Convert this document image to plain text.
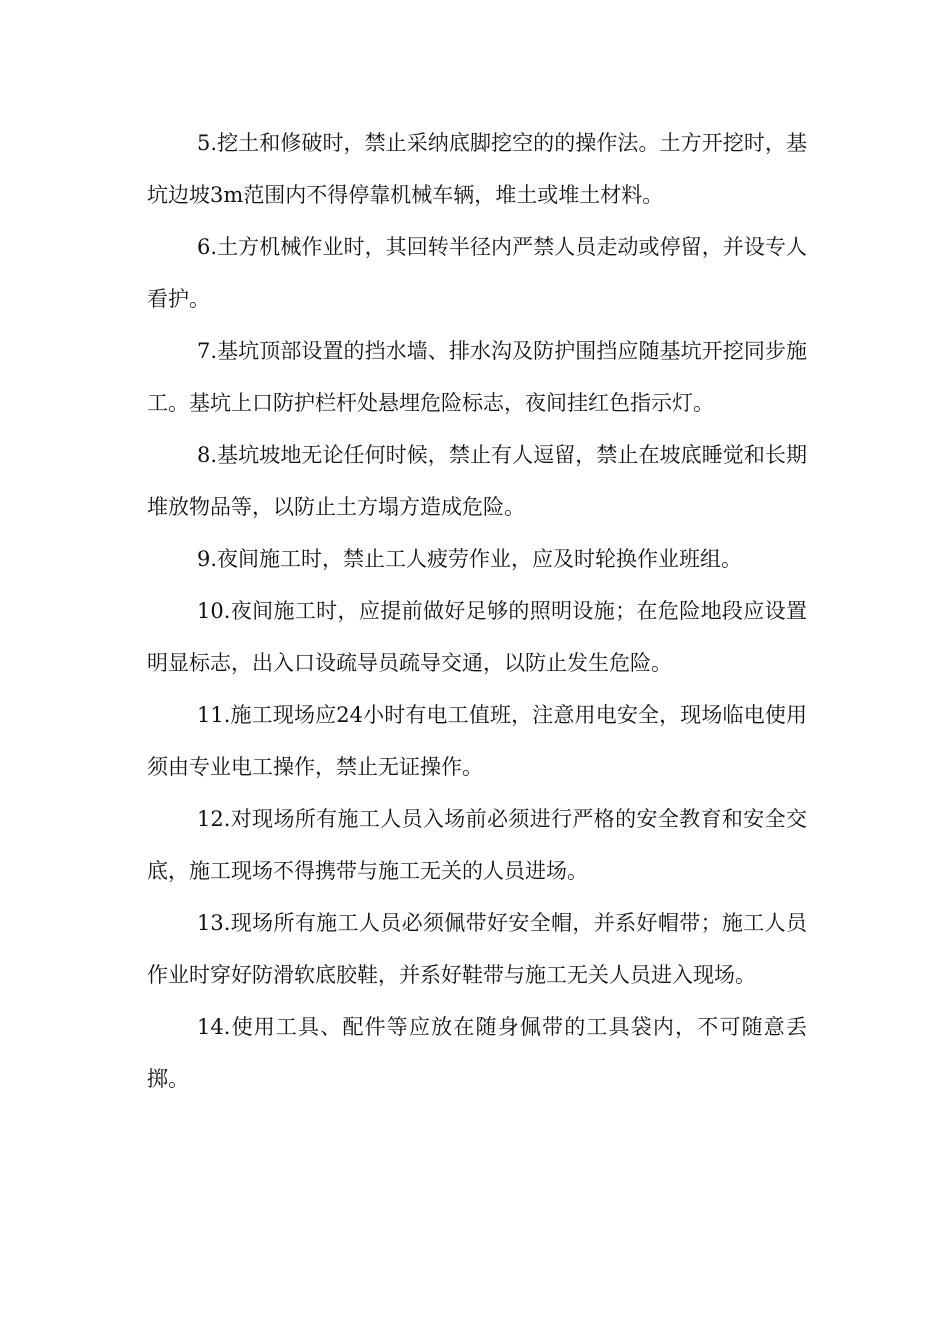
5.挖土和修破时，禁止采纳底脚挖空的的操作法。土方开挖时，基坑边坡3m范围内不得停靠机械车辆，堆土或堆土材料。

6.土方机械作业时，其回转半径内严禁人员走动或停留，并设专人看护。

7.基坑顶部设置的挡水墙、排水沟及防护围挡应随基坑开挖同步施工。基坑上口防护栏杆处悬埋危险标志，夜间挂红色指示灯。

8.基坑坡地无论任何时候，禁止有人逗留，禁止在坡底睡觉和长期堆放物品等，以防止土方塌方造成危险。

9.夜间施工时，禁止工人疲劳作业，应及时轮换作业班组。

10.夜间施工时，应提前做好足够的照明设施；在危险地段应设置明显标志，出入口设疏导员疏导交通，以防止发生危险。

11.施工现场应24小时有电工值班，注意用电安全，现场临电使用须由专业电工操作，禁止无证操作。

12.对现场所有施工人员入场前必须进行严格的安全教育和安全交底，施工现场不得携带与施工无关的人员进场。

13.现场所有施工人员必须佩带好安全帽，并系好帽带；施工人员作业时穿好防滑软底胶鞋，并系好鞋带与施工无关人员进入现场。

14.使用工具、配件等应放在随身佩带的工具袋内，不可随意丢掷。
